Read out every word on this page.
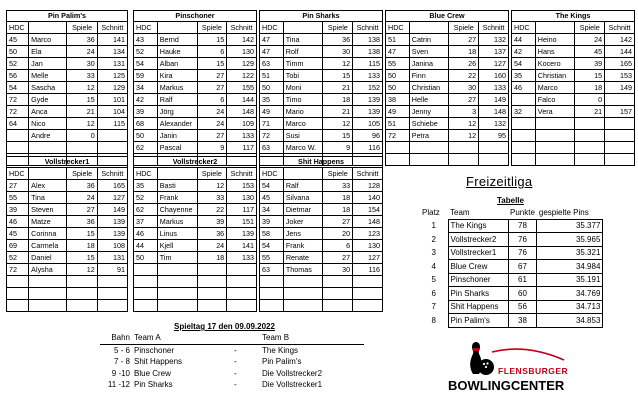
Pin Palim's			
HDC		Spiele	Schnitt
45	Marco	36	141
50	Ela	24	134
52	Jan	30	131
56	Melle	33	125
54	Sascha	12	129
72	Gyde	15	101
72	Anca	21	104
64	Nico	12	115
	Andre	0	

Pinschoner			
HDC		Spiele	Schnitt
43	Bernd	15	142
52	Hauke	6	130
54	Alban	15	129
59	Kira	27	122
34	Markus	27	155
42	Ralf	6	144
39	Jörg	24	148
68	Alexander	24	109
50	Janin	27	133
62	Pascal	9	117

Pin Sharks			
HDC		Spiele	Schnitt
47	Tina	36	138
47	Rolf	30	138
63	Timm	12	115
51	Tobi	15	133
50	Moni	21	152
35	Timo	18	139
49	Mario	21	139
71	Marco	12	105
72	Susi	15	96
63	Marco W.	9	116

Blue Crew			
HDC		Spiele	Schnitt
51	Catrin	27	132
47	Sven	18	137
55	Janina	26	127
50	Finn	22	160
50	Christian	30	133
38	Helle	27	149
49	Jenny	3	148
51	Schiebe	12	132
72	Petra	12	95

The Kings			
HDC		Spiele	Schnitt
44	Heino	24	142
42	Hans	45	144
54	Kocero	39	165
35	Christian	15	153
46	Marco	18	149
	Falco	0	
32	Vera	21	157

Vollstrecker1			
HDC		Spiele	Schnitt
27	Alex	36	165
55	Tina	24	127
39	Steven	27	149
46	Matze	36	139
45	Corinna	15	139
69	Carmela	18	108
52	Daniel	15	131
72	Alysha	12	91

Vollstrecker2			
HDC		Spiele	Schnitt
35	Basti	12	153
52	Frank	33	130
62	Chayenne	22	117
37	Markus	39	151
46	Linus	36	139
44	Kjell	24	141
50	Tim	18	133

Shit Happens			
HDC		Spiele	Schnitt
54	Ralf	33	128
45	Silvana	18	140
34	Dietmar	18	154
39	Joker	27	148
58	Jens	20	123
54	Frank	6	130
55	Renate	27	127
63	Thomas	30	116

Freizeitliga
Tabelle
Platz	Team	Punkte	gespielte Pins
1	The Kings	78	35.377
2	Vollstrecker2	76	35.965
3	Vollstrecker1	76	35.321
4	Blue Crew	67	34.984
5	Pinschoner	61	35.191
6	Pin Sharks	60	34.769
7	Shit Happens	56	34.713
8	Pin Palim's	38	34.853
Spieltag 17 den 09.09.2022
Bahn	Team A		Team B
5 - 6	Pinschoner	-	The Kings
7 - 8	Shit Happens	-	Pin Palim's
9 -10	Blue Crew	-	Die Vollstrecker2
11 -12	Pin Sharks	-	Die Vollstrecker1
FLENSBURGER
BOWLINGCENTER
